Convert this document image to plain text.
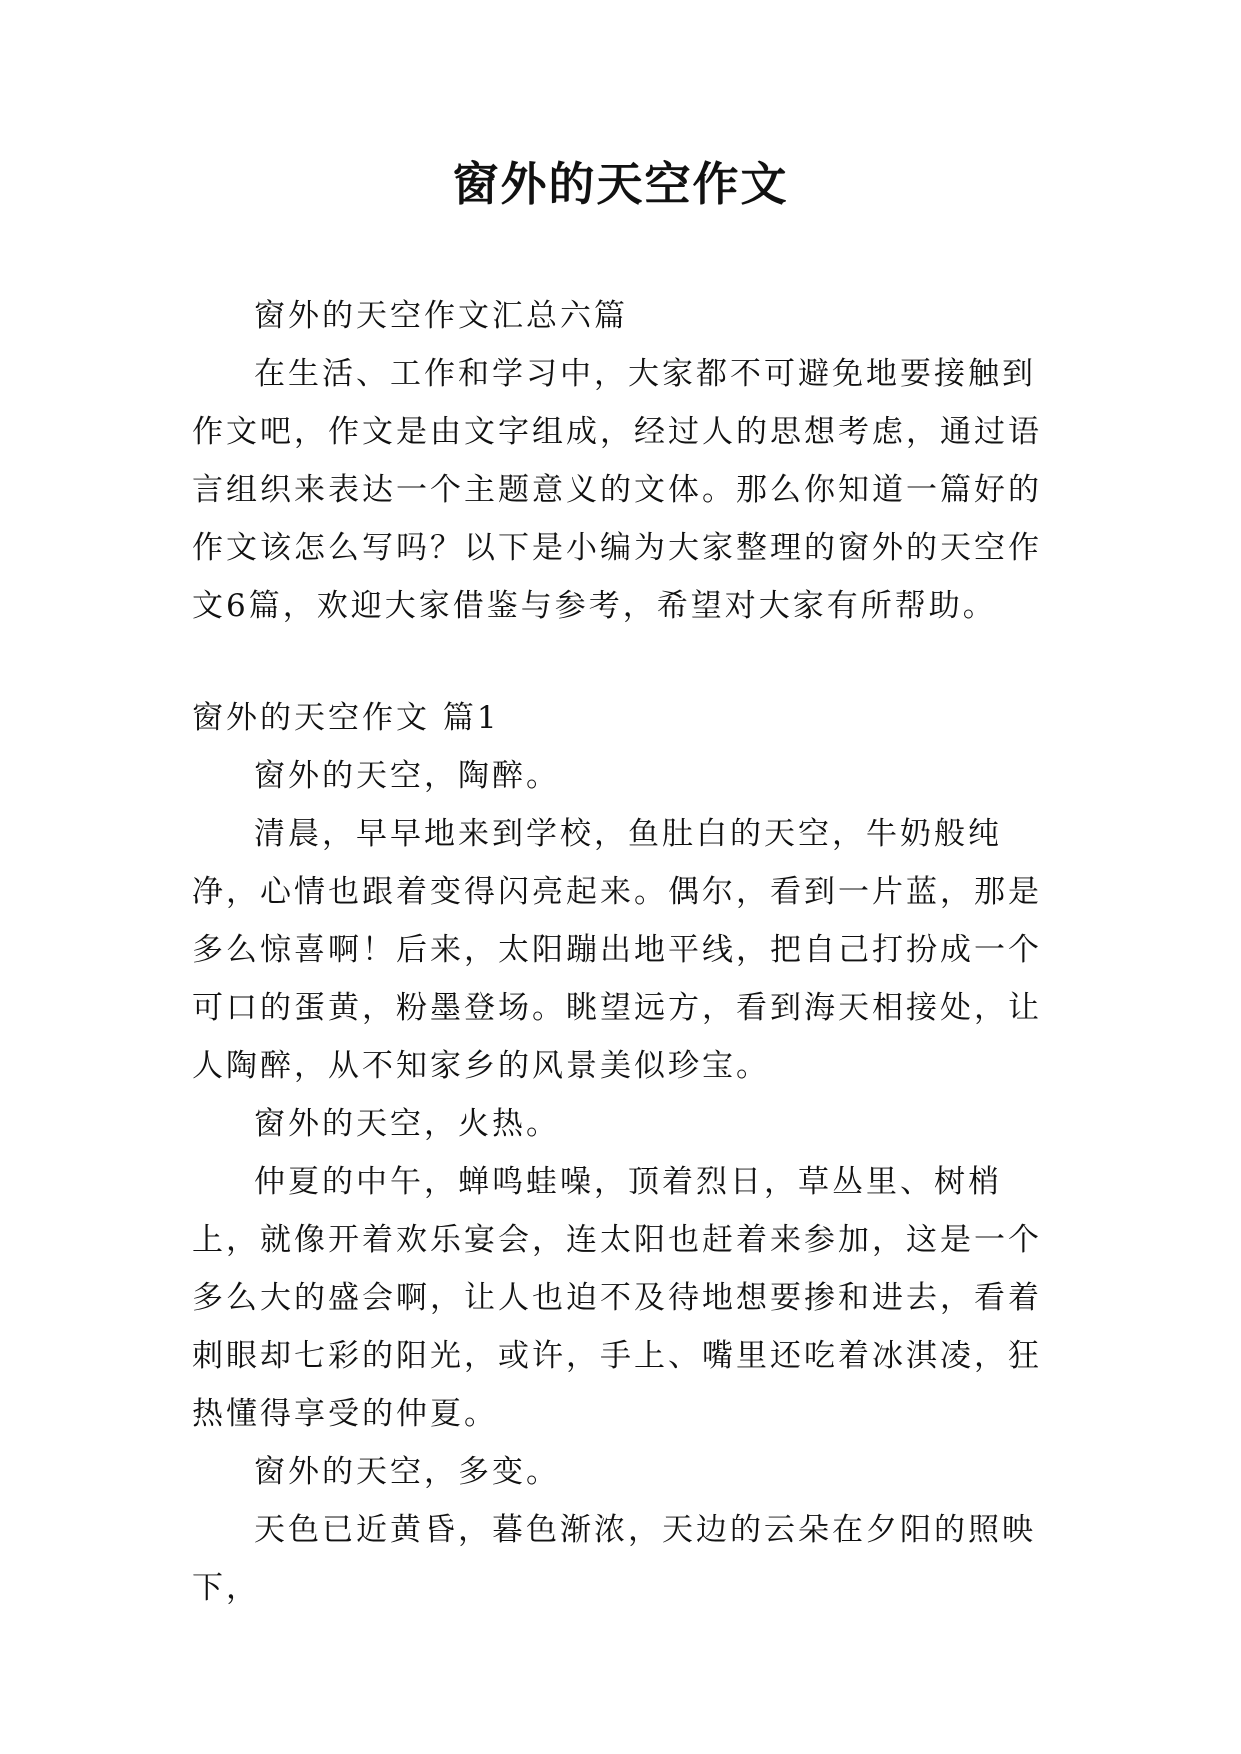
窗外的天空作文

窗外的天空作文汇总六篇

在生活、工作和学习中，大家都不可避免地要接触到作文吧，作文是由文字组成，经过人的思想考虑，通过语言组织来表达一个主题意义的文体。那么你知道一篇好的作文该怎么写吗？以下是小编为大家整理的窗外的天空作文6篇，欢迎大家借鉴与参考，希望对大家有所帮助。

窗外的天空作文 篇1

窗外的天空，陶醉。

清晨，早早地来到学校，鱼肚白的天空，牛奶般纯净，心情也跟着变得闪亮起来。偶尔，看到一片蓝，那是多么惊喜啊！后来，太阳蹦出地平线，把自己打扮成一个可口的蛋黄，粉墨登场。眺望远方，看到海天相接处，让人陶醉，从不知家乡的风景美似珍宝。

窗外的天空，火热。

仲夏的中午，蝉鸣蛙噪，顶着烈日，草丛里、树梢上，就像开着欢乐宴会，连太阳也赶着来参加，这是一个多么大的盛会啊，让人也迫不及待地想要掺和进去，看着刺眼却七彩的阳光，或许，手上、嘴里还吃着冰淇凌，狂热懂得享受的仲夏。

窗外的天空，多变。

天色已近黄昏，暮色渐浓，天边的云朵在夕阳的照映下，
